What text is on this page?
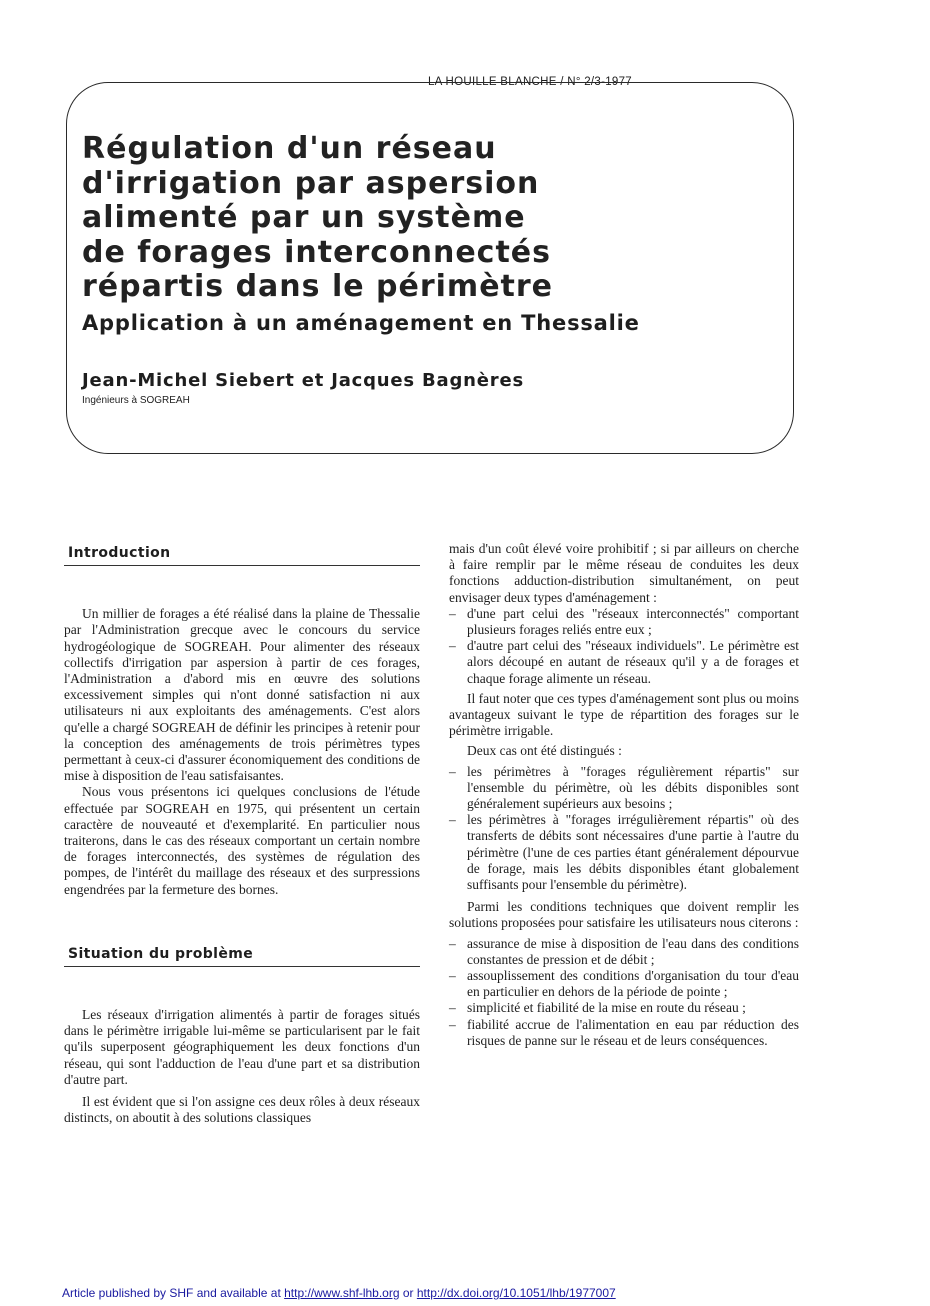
LA HOUILLE BLANCHE / N° 2/3-1977
Régulation d'un réseau
d'irrigation par aspersion
alimenté par un système
de forages interconnectés
répartis dans le périmètre
Application à un aménagement en Thessalie
Jean-Michel Siebert et Jacques Bagnères
Ingénieurs à SOGREAH
Introduction

Un millier de forages a été réalisé dans la plaine de Thessalie par l'Administration grecque avec le concours du service hydrogéologique de SOGREAH. Pour alimenter des réseaux collectifs d'irrigation par aspersion à partir de ces forages, l'Administration a d'abord mis en œuvre des solutions excessivement simples qui n'ont donné satisfaction ni aux utilisateurs ni aux exploitants des aménagements. C'est alors qu'elle a chargé SOGREAH de définir les principes à retenir pour la conception des aménagements de trois périmètres types permettant à ceux-ci d'assurer économiquement des conditions de mise à disposition de l'eau satisfaisantes.

Nous vous présentons ici quelques conclusions de l'étude effectuée par SOGREAH en 1975, qui présentent un certain caractère de nouveauté et d'exemplarité. En particulier nous traiterons, dans le cas des réseaux comportant un certain nombre de forages interconnectés, des systèmes de régulation des pompes, de l'intérêt du maillage des réseaux et des surpressions engendrées par la fermeture des bornes.

Situation du problème

Les réseaux d'irrigation alimentés à partir de forages situés dans le périmètre irrigable lui-même se particularisent par le fait qu'ils superposent géographiquement les deux fonctions d'un réseau, qui sont l'adduction de l'eau d'une part et sa distribution d'autre part.

Il est évident que si l'on assigne ces deux rôles à deux réseaux distincts, on aboutit à des solutions classiques

mais d'un coût élevé voire prohibitif ; si par ailleurs on cherche à faire remplir par le même réseau de conduites les deux fonctions adduction-distribution simultanément, on peut envisager deux types d'aménagement :

– d'une part celui des "réseaux interconnectés" comportant plusieurs forages reliés entre eux ;
– d'autre part celui des "réseaux individuels". Le périmètre est alors découpé en autant de réseaux qu'il y a de forages et chaque forage alimente un réseau.

Il faut noter que ces types d'aménagement sont plus ou moins avantageux suivant le type de répartition des forages sur le périmètre irrigable.

Deux cas ont été distingués :

– les périmètres à "forages régulièrement répartis" sur l'ensemble du périmètre, où les débits disponibles sont généralement supérieurs aux besoins ;
– les périmètres à "forages irrégulièrement répartis" où des transferts de débits sont nécessaires d'une partie à l'autre du périmètre (l'une de ces parties étant généralement dépourvue de forage, mais les débits disponibles étant globalement suffisants pour l'ensemble du périmètre).

Parmi les conditions techniques que doivent remplir les solutions proposées pour satisfaire les utilisateurs nous citerons :

– assurance de mise à disposition de l'eau dans des conditions constantes de pression et de débit ;
– assouplissement des conditions d'organisation du tour d'eau en particulier en dehors de la période de pointe ;
– simplicité et fiabilité de la mise en route du réseau ;
– fiabilité accrue de l'alimentation en eau par réduction des risques de panne sur le réseau et de leurs conséquences.
Article published by SHF and available at http://www.shf-lhb.org or http://dx.doi.org/10.1051/lhb/1977007
